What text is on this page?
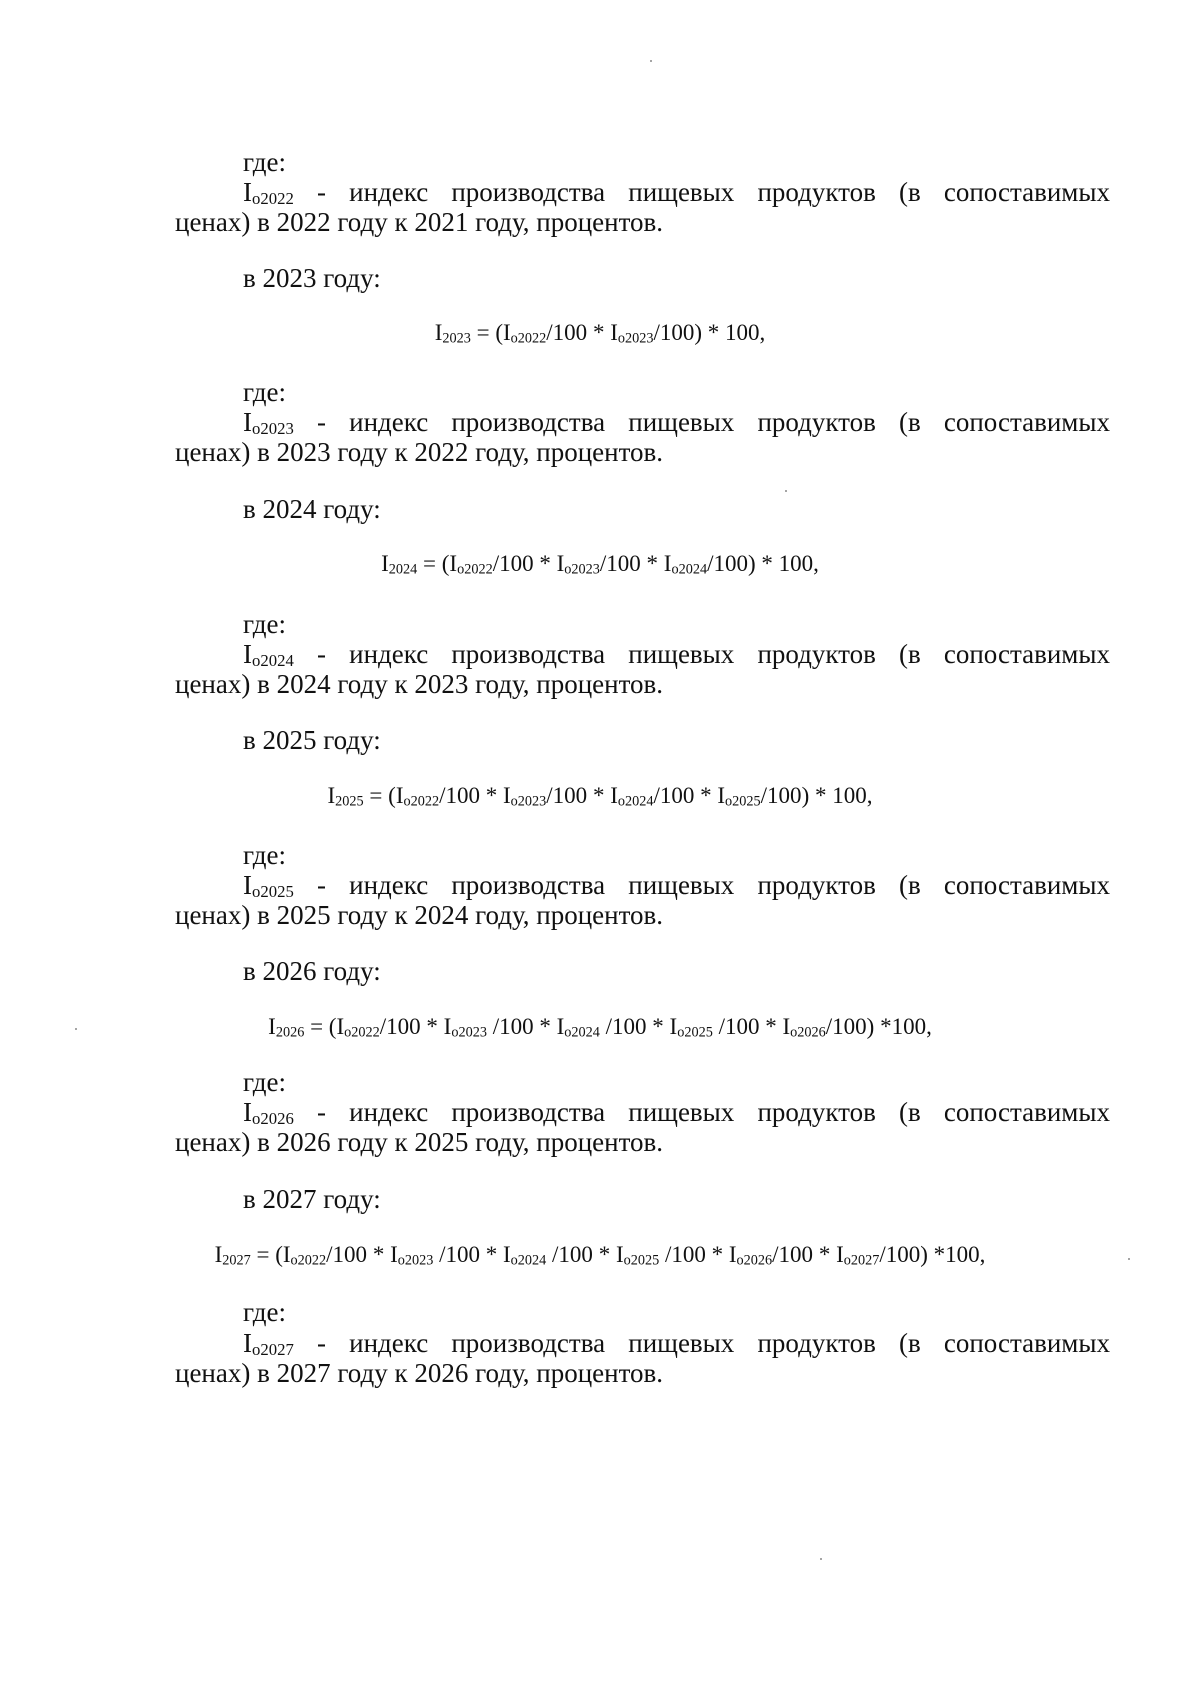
где:
Io2022 - индекс производства пищевых продуктов (в сопоставимых
ценах) в 2022 году к 2021 году, процентов.
в 2023 году:
I2023 = (Io2022/100 * Io2023/100) * 100,
где:
Io2023 - индекс производства пищевых продуктов (в сопоставимых
ценах) в 2023 году к 2022 году, процентов.
в 2024 году:
I2024 = (Io2022/100 * Io2023/100 * Io2024/100) * 100,
где:
Io2024 - индекс производства пищевых продуктов (в сопоставимых
ценах) в 2024 году к 2023 году, процентов.
в 2025 году:
I2025 = (Io2022/100 * Io2023/100 * Io2024/100 * Io2025/100) * 100,
где:
Io2025 - индекс производства пищевых продуктов (в сопоставимых
ценах) в 2025 году к 2024 году, процентов.
в 2026 году:
I2026 = (Io2022/100 * Io2023 /100 * Io2024 /100 * Io2025 /100 * Io2026/100) *100,
где:
Io2026 - индекс производства пищевых продуктов (в сопоставимых
ценах) в 2026 году к 2025 году, процентов.
в 2027 году:
I2027 = (Io2022/100 * Io2023 /100 * Io2024 /100 * Io2025 /100 * Io2026/100 * Io2027/100) *100,
где:
Io2027 - индекс производства пищевых продуктов (в сопоставимых
ценах) в 2027 году к 2026 году, процентов.
